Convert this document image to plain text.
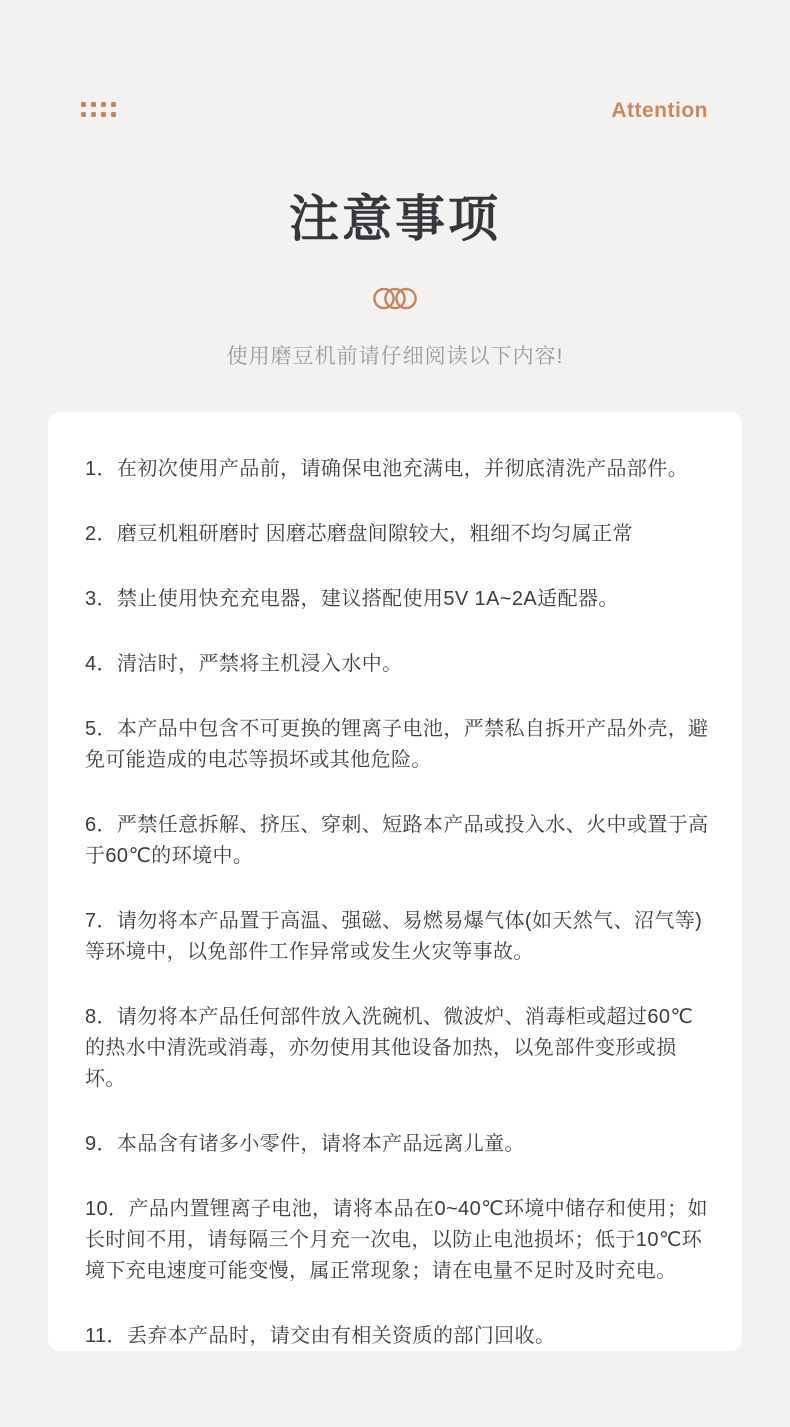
Attention
注意事项

使用磨豆机前请仔细阅读以下内容!

1．在初次使用产品前，请确保电池充满电，并彻底清洗产品部件。

2．磨豆机粗研磨时 因磨芯磨盘间隙较大，粗细不均匀属正常

3．禁止使用快充充电器，建议搭配使用5V 1A~2A适配器。

4．清洁时，严禁将主机浸入水中。

5．本产品中包含不可更换的锂离子电池，严禁私自拆开产品外壳，避免可能造成的电芯等损坏或其他危险。

6．严禁任意拆解、挤压、穿刺、短路本产品或投入水、火中或置于高于60℃的环境中。

7．请勿将本产品置于高温、强磁、易燃易爆气体(如天然气、沼气等)等环境中，以免部件工作异常或发生火灾等事故。

8．请勿将本产品任何部件放入洗碗机、微波炉、消毒柜或超过60℃的热水中清洗或消毒，亦勿使用其他设备加热，以免部件变形或损坏。

9．本品含有诸多小零件，请将本产品远离儿童。

10．产品内置锂离子电池，请将本品在0~40℃环境中储存和使用；如长时间不用，请每隔三个月充一次电，以防止电池损坏；低于10℃环境下充电速度可能变慢，属正常现象；请在电量不足时及时充电。

11．丢弃本产品时，请交由有相关资质的部门回收。
